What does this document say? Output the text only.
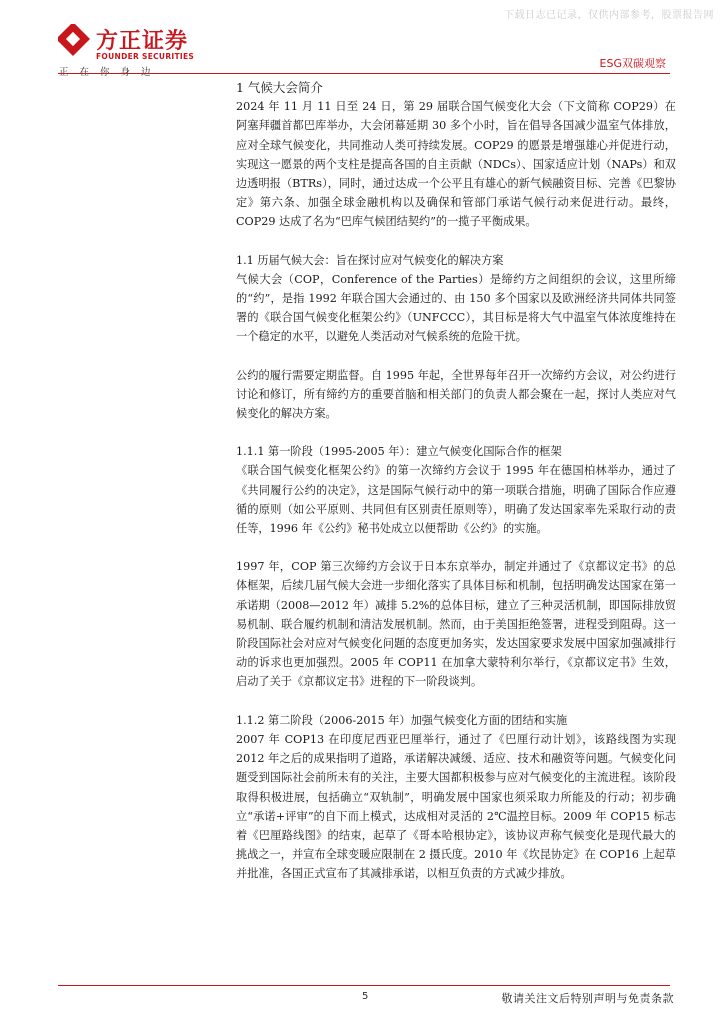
下载日志已记录，仅供内部参考，股票报告网
方正证券
FOUNDER SECURITIES
ESG双碳观察
1 气候大会简介

2024 年 11 月 11 日至 24 日，第 29 届联合国气候变化大会（下文简称 COP29）在阿塞拜疆首都巴库举办，大会闭幕延期 30 多个小时，旨在倡导各国减少温室气体排放，应对全球气候变化，共同推动人类可持续发展。COP29 的愿景是增强雄心并促进行动，实现这一愿景的两个支柱是提高各国的自主贡献（NDCs）、国家适应计划（NAPs）和双边透明报（BTRs），同时，通过达成一个公平且有雄心的新气候融资目标、完善《巴黎协定》第六条、加强全球金融机构以及确保和管部门承诺气候行动来促进行动。最终，COP29 达成了名为“巴库气候团结契约”的一揽子平衡成果。

1.1 历届气候大会：旨在探讨应对气候变化的解决方案

气候大会（COP，Conference of the Parties）是缔约方之间组织的会议，这里所缔的“约”，是指 1992 年联合国大会通过的、由 150 多个国家以及欧洲经济共同体共同签署的《联合国气候变化框架公约》（UNFCCC），其目标是将大气中温室气体浓度维持在一个稳定的水平，以避免人类活动对气候系统的危险干扰。

公约的履行需要定期监督。自 1995 年起，全世界每年召开一次缔约方会议，对公约进行讨论和修订，所有缔约方的重要首脑和相关部门的负责人都会聚在一起，探讨人类应对气候变化的解决方案。

1.1.1 第一阶段（1995-2005 年）：建立气候变化国际合作的框架

《联合国气候变化框架公约》的第一次缔约方会议于 1995 年在德国柏林举办，通过了《共同履行公约的决定》，这是国际气候行动中的第一项联合措施，明确了国际合作应遵循的原则（如公平原则、共同但有区别责任原则等），明确了发达国家率先采取行动的责任等，1996 年《公约》秘书处成立以便帮助《公约》的实施。

1997 年，COP 第三次缔约方会议于日本东京举办，制定并通过了《京都议定书》的总体框架，后续几届气候大会进一步细化落实了具体目标和机制，包括明确发达国家在第一承诺期（2008—2012 年）减排 5.2%的总体目标，建立了三种灵活机制，即国际排放贸易机制、联合履约机制和清洁发展机制。然而，由于美国拒绝签署，进程受到阻碍。这一阶段国际社会对应对气候变化问题的态度更加务实，发达国家要求发展中国家加强减排行动的诉求也更加强烈。2005 年 COP11 在加拿大蒙特利尔举行，《京都议定书》生效，启动了关于《京都议定书》进程的下一阶段谈判。

1.1.2 第二阶段（2006-2015 年）加强气候变化方面的团结和实施

2007 年 COP13 在印度尼西亚巴厘举行，通过了《巴厘行动计划》，该路线图为实现 2012 年之后的成果指明了道路，承诺解决减缓、适应、技术和融资等问题。气候变化问题受到国际社会前所未有的关注，主要大国都积极参与应对气候变化的主流进程。该阶段取得积极进展，包括确立“双轨制”，明确发展中国家也须采取力所能及的行动；初步确立“承诺+评审”的自下而上模式，达成相对灵活的 2℃温控目标。2009 年 COP15 标志着《巴厘路线图》的结束，起草了《哥本哈根协定》，该协议声称气候变化是现代最大的挑战之一，并宣布全球变暖应限制在 2 摄氏度。2010 年《坎昆协定》在 COP16 上起草并批准，各国正式宣布了其减排承诺，以相互负责的方式减少排放。

5	敬请关注文后特别声明与免责条款
